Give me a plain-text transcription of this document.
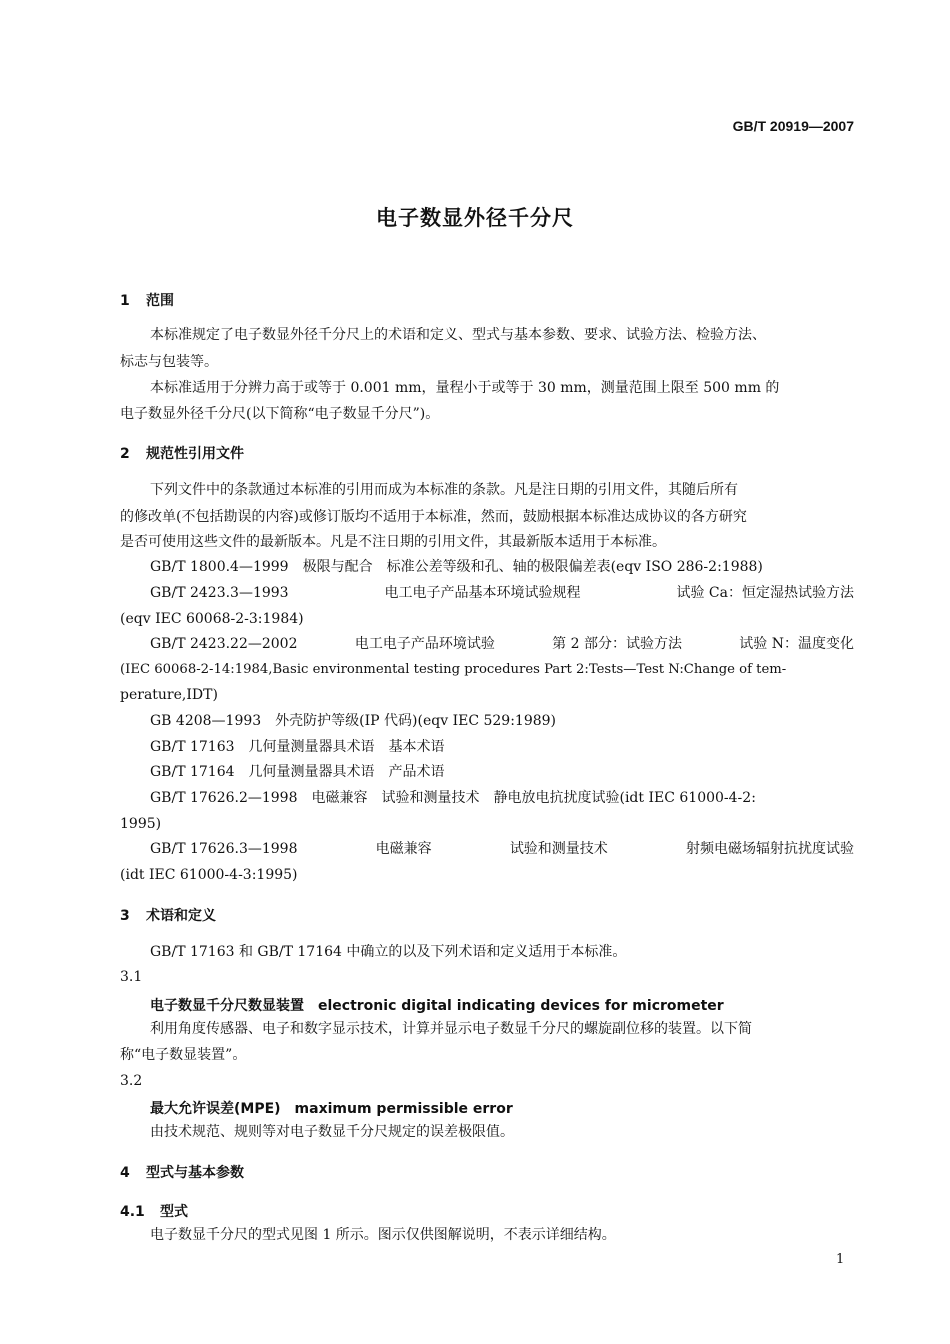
GB/T 20919—2007
电子数显外径千分尺
1 范围
本标准规定了电子数显外径千分尺上的术语和定义、型式与基本参数、要求、试验方法、检验方法、
标志与包装等。
本标准适用于分辨力高于或等于 0.001 mm，量程小于或等于 30 mm，测量范围上限至 500 mm 的
电子数显外径千分尺(以下简称“电子数显千分尺”)。
2 规范性引用文件
下列文件中的条款通过本标准的引用而成为本标准的条款。凡是注日期的引用文件，其随后所有
的修改单(不包括勘误的内容)或修订版均不适用于本标准，然而，鼓励根据本标准达成协议的各方研究
是否可使用这些文件的最新版本。凡是不注日期的引用文件，其最新版本适用于本标准。
GB/T 1800.4—1999　极限与配合　标准公差等级和孔、轴的极限偏差表(eqv ISO 286-2:1988)
GB/T 2423.3—1993	电工电子产品基本环境试验规程	试验 Ca：恒定湿热试验方法
(eqv IEC 60068-2-3:1984)
GB/T 2423.22—2002	电工电子产品环境试验	第 2 部分：试验方法	试验 N：温度变化
(IEC 60068-2-14:1984,Basic environmental testing procedures Part 2:Tests—Test N:Change of tem-
perature,IDT)
GB 4208—1993　外壳防护等级(IP 代码)(eqv IEC 529:1989)
GB/T 17163　几何量测量器具术语　基本术语
GB/T 17164　几何量测量器具术语　产品术语
GB/T 17626.2—1998　电磁兼容　试验和测量技术　静电放电抗扰度试验(idt IEC 61000-4-2:
1995)
GB/T 17626.3—1998	电磁兼容	试验和测量技术	射频电磁场辐射抗扰度试验
(idt IEC 61000-4-3:1995)
3 术语和定义
GB/T 17163 和 GB/T 17164 中确立的以及下列术语和定义适用于本标准。
3.1
电子数显千分尺数显装置　electronic digital indicating devices for micrometer
利用角度传感器、电子和数字显示技术，计算并显示电子数显千分尺的螺旋副位移的装置。以下简
称“电子数显装置”。
3.2
最大允许误差(MPE)　maximum permissible error
由技术规范、规则等对电子数显千分尺规定的误差极限值。
4 型式与基本参数
4.1 型式
电子数显千分尺的型式见图 1 所示。图示仅供图解说明，不表示详细结构。
1
